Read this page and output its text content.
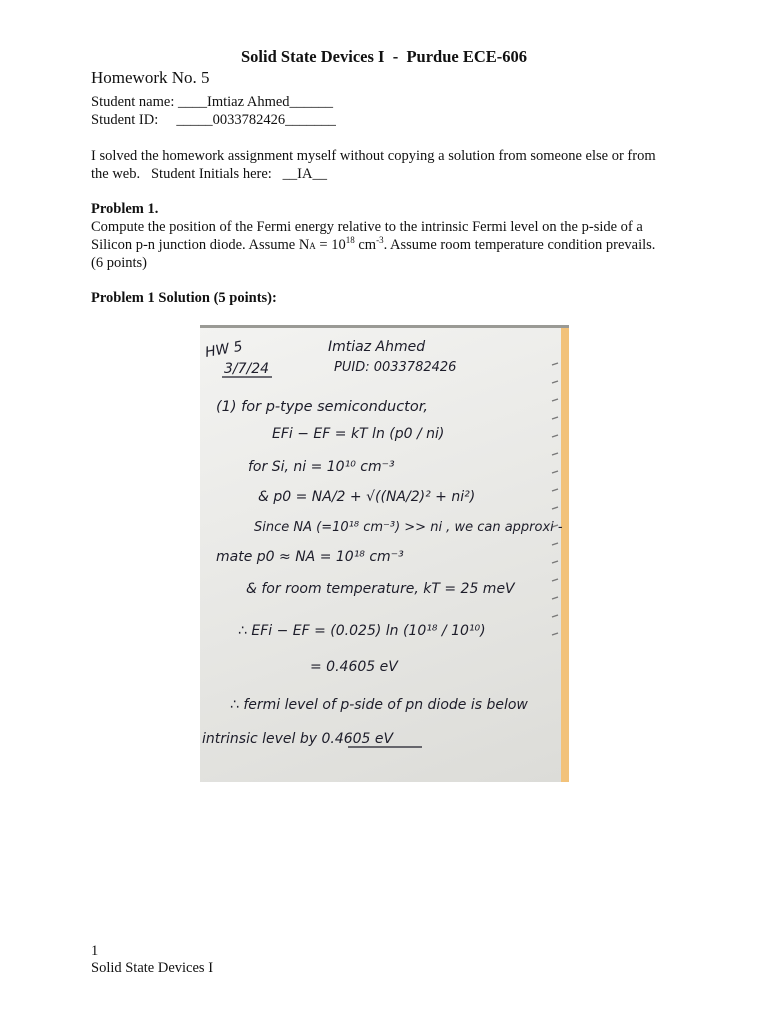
Solid State Devices I  -  Purdue ECE-606
Homework No. 5
Student name: ____Imtiaz Ahmed______
Student ID:     _____0033782426_______
I solved the homework assignment myself without copying a solution from someone else or from
the web.   Student Initials here:   __IA__
Problem 1.
Compute the position of the Fermi energy relative to the intrinsic Fermi level on the p-side of a
Silicon p-n junction diode. Assume NA = $10^{18}$ $cm^{-3}$. Assume room temperature condition prevails.
(6 points)
Problem 1 Solution (5 points):
HW 5
3/7/24
Imtiaz Ahmed
PUID: 0033782426
(1) for p-type semiconductor,
EFi − EF = kT ln (p0 / ni)
for Si, ni = 10¹⁰ cm⁻³
& p0 = NA/2 + √((NA/2)² + ni²)
Since NA (=10¹⁸ cm⁻³) >> ni , we can approxi -
mate p0 ≈ NA = 10¹⁸ cm⁻³
& for room temperature, kT = 25 meV
∴ EFi − EF = (0.025) ln (10¹⁸ / 10¹⁰)
= 0.4605 eV
∴ fermi level of p-side of pn diode is below
intrinsic level by 0.4605 eV
1
Solid State Devices I
